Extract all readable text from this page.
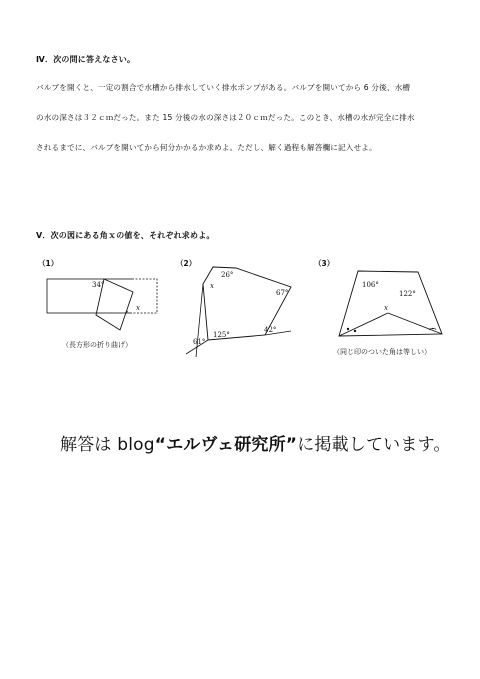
Ⅳ．次の問に答えなさい。
バルブを開くと、一定の割合で水槽から排水していく排水ポンプがある。バルブを開いてから 6 分後、水槽
の水の深さは３２ｃｍだった。また 15 分後の水の深さは２０ｃｍだった。このとき、水槽の水が完全に排水
されるまでに、バルブを開いてから何分かかるか求めよ。ただし、解く過程も解答欄に記入せよ。
Ⅴ．次の図にある角ｘの値を、それぞれ求めよ。
（1）	（2）	（3）
34°
x
（長方形の折り曲げ）
26°
x
67°
125°
42°
61°
106°
122°
x
（同じ印のついた角は等しい）
解答は blog“エルヴェ研究所”に掲載しています。
